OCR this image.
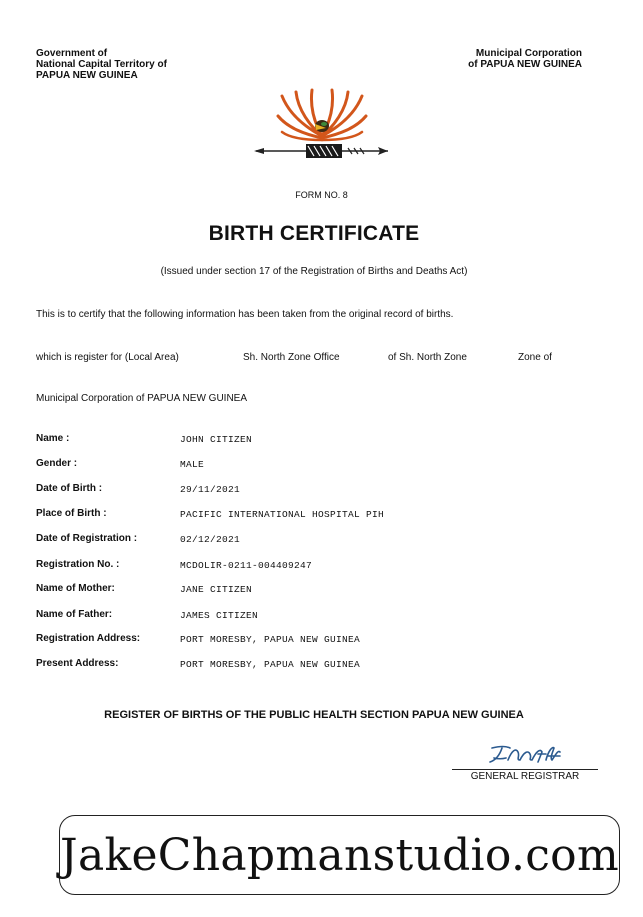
Government of
National Capital Territory of
PAPUA NEW GUINEA
Municipal Corporation
of PAPUA NEW GUINEA
FORM NO. 8
BIRTH CERTIFICATE
(Issued under section 17 of the Registration of Births and Deaths Act)
This is to certify that the following information has been taken from the original record of births.
which is register for (Local Area)	Sh. North Zone Office	of Sh. North Zone	Zone of
Municipal Corporation of PAPUA NEW GUINEA
Name :	JOHN CITIZEN
Gender :	MALE
Date of Birth :	29/11/2021
Place of Birth :	PACIFIC INTERNATIONAL HOSPITAL PIH
Date of Registration :	02/12/2021
Registration No. :	MCDOLIR-0211-004409247
Name of Mother:	JANE CITIZEN
Name of Father:	JAMES CITIZEN
Registration Address:	PORT MORESBY, PAPUA NEW GUINEA
Present Address:	PORT MORESBY, PAPUA NEW GUINEA
REGISTER OF BIRTHS OF THE PUBLIC HEALTH SECTION PAPUA NEW GUINEA
GENERAL REGISTRAR
JakeChapmanstudio.com
